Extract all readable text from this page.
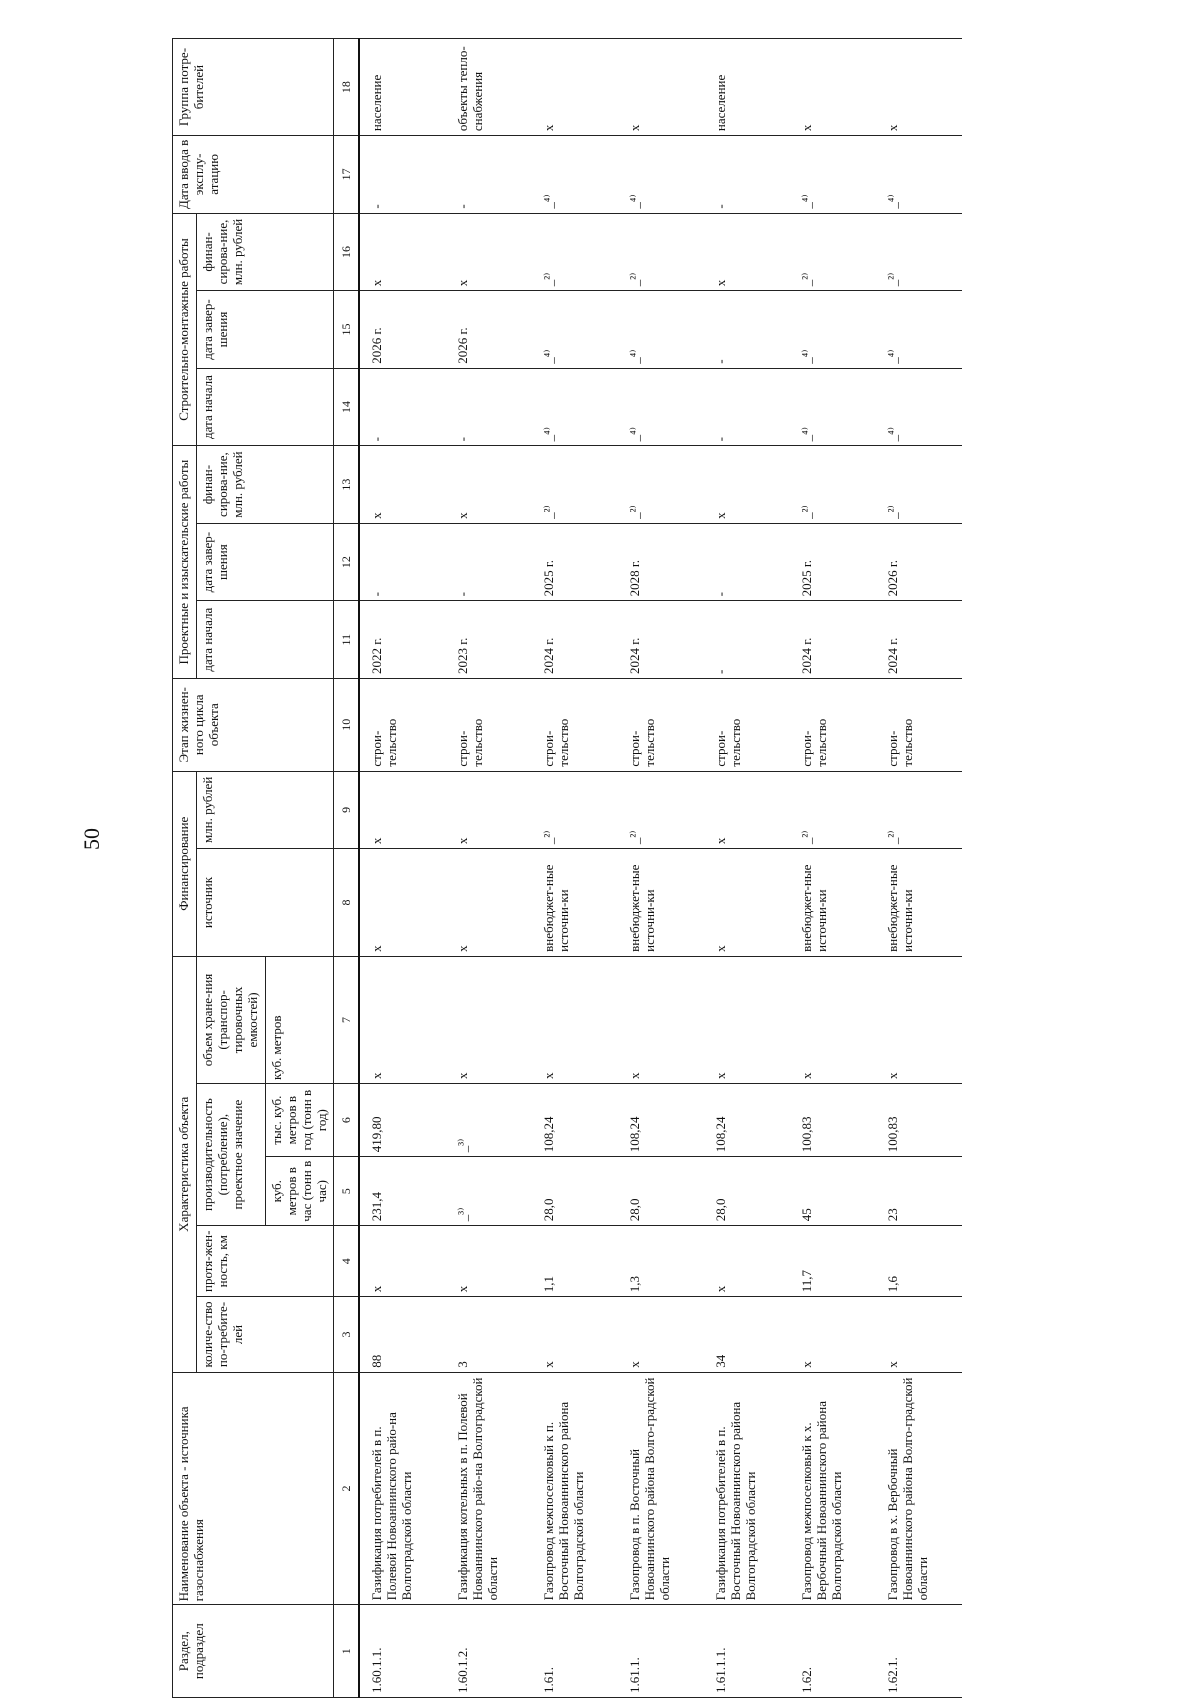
50
Раздел, подраздел	Наименование объекта - источника газоснабжения	Характеристика объекта					Финансирование		Этап жизнен-ного цикла объекта	Проектные и изыскательские работы			Строительно-монтажные работы			Дата ввода в эксплу-атацию	Группа потре-бителей
		количе-ство по-требите-лей	протя-жен-ность, км	производительность (потребление), проектное значение		объем хране-ния (транспор-тировочных емкостей)	источник	млн. рублей		дата начала	дата завер-шения	финан-сирова-ние, млн. рублей	дата начала	дата завер-шения	финан-сирова-ние, млн. рублей		
				куб. метров в час (тонн в час)	тыс. куб. метров в год (тонн в год)	куб. метров											
1	2	3	4	5	6	7	8	9	10	11	12	13	14	15	16	17	18
1.60.1.1.	Газификация потребителей в п. Полевой Новоаннинского райо-на Волгоградской области	88	x	231,4	419,80	x	x	x	строи-тельство	2022 г.	-	x	-	2026 г.	x	-	население
1.60.1.2.	Газификация котельных в п. Полевой Новоаннинского райо-на Волгоградской области	3	x	_³⁾	_³⁾	x	x	x	строи-тельство	2023 г.	-	x	-	2026 г.	x	-	объекты тепло-снабжения
1.61.	Газопровод межпоселковый к п. Восточный Новоаннинского района Волгоградской области	x	1,1	28,0	108,24	x	внебюджет-ные источни-ки	_²⁾	строи-тельство	2024 г.	2025 г.	_²⁾	_⁴⁾	_⁴⁾	_²⁾	_⁴⁾	x
1.61.1.	Газопровод в п. Восточный Новоаннинского района Волго-градской области	x	1,3	28,0	108,24	x	внебюджет-ные источни-ки	_²⁾	строи-тельство	2024 г.	2028 г.	_²⁾	_⁴⁾	_⁴⁾	_²⁾	_⁴⁾	x
1.61.1.1.	Газификация потребителей в п. Восточный Новоаннинского района Волгоградской области	34	x	28,0	108,24	x	x	x	строи-тельство	-	-	x	-	-	x	-	население
1.62.	Газопровод межпоселковый к х. Вербочный Новоаннинского района Волгоградской области	x	11,7	45	100,83	x	внебюджет-ные источни-ки	_²⁾	строи-тельство	2024 г.	2025 г.	_²⁾	_⁴⁾	_⁴⁾	_²⁾	_⁴⁾	x
1.62.1.	Газопровод в х. Вербочный Новоаннинского района Волго-градской области	x	1,6	23	100,83	x	внебюджет-ные источни-ки	_²⁾	строи-тельство	2024 г.	2026 г.	_²⁾	_⁴⁾	_⁴⁾	_²⁾	_⁴⁾	x
